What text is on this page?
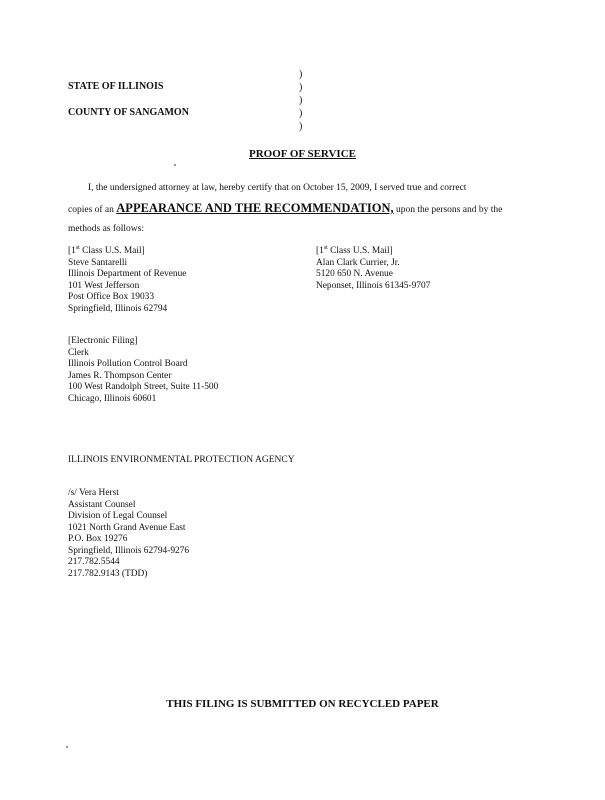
STATE OF ILLINOIS
COUNTY OF SANGAMON
)
)
)
)
)
PROOF OF SERVICE
I, the undersigned attorney at law, hereby certify that on October 15, 2009, I served true and correct
copies of an APPEARANCE AND THE RECOMMENDATION, upon the persons and by the
methods as follows:
[1st Class U.S. Mail]
Steve Santarelli
Illinois Department of Revenue
101 West Jefferson
Post Office Box 19033
Springfield, Illinois 62794
[1st Class U.S. Mail]
Alan Clark Currier, Jr.
5120 650 N. Avenue
Neponset, Illinois 61345-9707
[Electronic Filing]
Clerk
Illinois Pollution Control Board
James R. Thompson Center
100 West Randolph Street, Suite 11-500
Chicago, Illinois 60601
ILLINOIS ENVIRONMENTAL PROTECTION AGENCY
/s/ Vera Herst
Assistant Counsel
Division of Legal Counsel
1021 North Grand Avenue East
P.O. Box 19276
Springfield, Illinois 62794-9276
217.782.5544
217.782.9143 (TDD)
THIS FILING IS SUBMITTED ON RECYCLED PAPER
